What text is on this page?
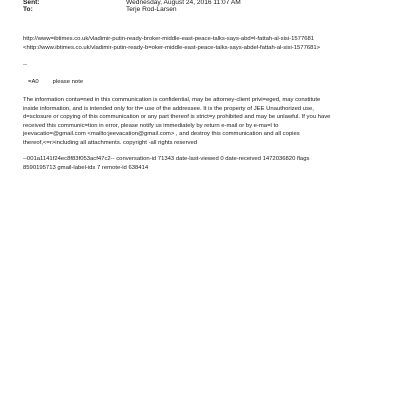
Sent:	Wednesday, August 24, 2016 11:07 AM
To:	Terje Rod-Larsen
http://www=ibtimes.co.uk/vladimir-putin-ready-broker-middle-east-peace-talks-says-abd=l-fattah-al-sisi-1577681
<http://www.ibtimes.co.uk/vladimir-putin-ready-b=oker-middle-east-peace-talks-says-abdel-fattah-al-sisi-1577681>
--
=A0 please note
The information conta=ned in this communication is confidential, may be attorney-client privi=eged, may constitute
inside information, and is intended only for th= use of the addressee. It is the property of JEE Unauthorized use,
d=sclosure or copying of this communication or any part thereof is strict=y prohibited and may be unlawful. If you have
received this communic=tion in error, please notify us immediately by return e-mail or by e-ma=l to
jeevacatio=@gmail.com <mailto:jeevacation@gmail.com> , and destroy this communication and all copies
thereof,<=r>including all attachments. copyright -all rights reserved
--001a1141f24ec8f83f053acf47c2-- conversation-id 71343 date-last-viewed 0 date-received 1472036820 flags
8590195713 gmail-label-ids 7 remote-id 638414
